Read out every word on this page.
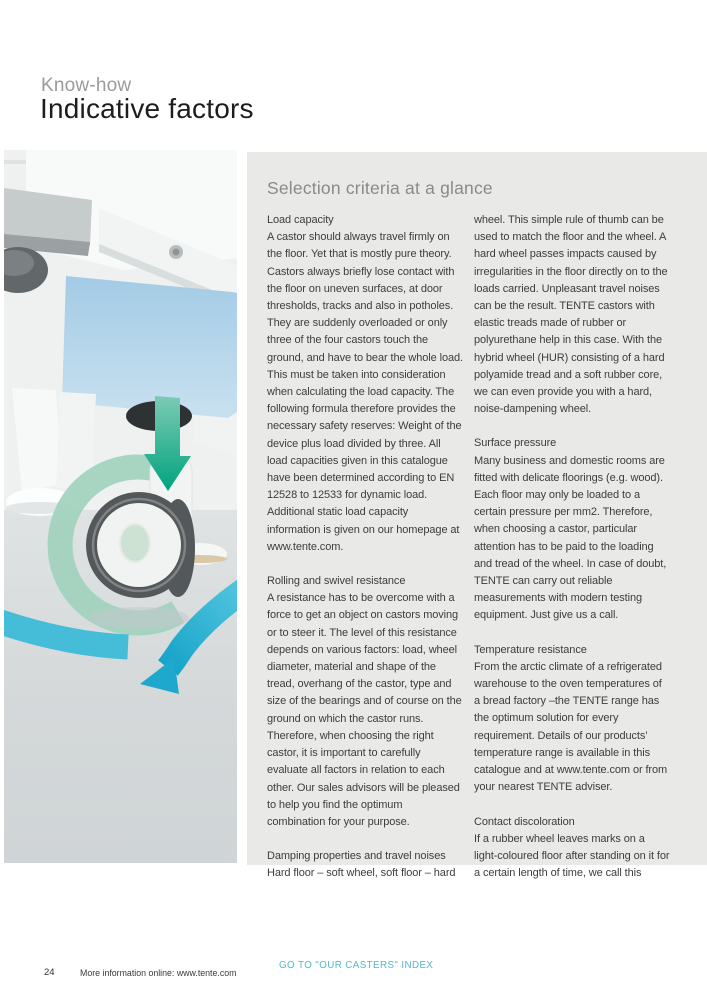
Know-how
Indicative factors
Selection criteria at a glance
Load capacity
A castor should always travel firmly on the floor. Yet that is mostly pure theory. Castors always briefly lose contact with the floor on uneven surfaces, at door thresholds, tracks and also in potholes. They are suddenly overloaded or only three of the four castors touch the ground, and have to bear the whole load. This must be taken into consideration when calculating the load capacity. The following formula therefore provides the necessary safety reserves: Weight of the device plus load divided by three. All load capacities given in this catalogue have been determined according to EN 12528 to 12533 for dynamic load. Additional static load capacity information is given on our homepage at www.tente.com.
Rolling and swivel resistance
A resistance has to be overcome with a force to get an object on castors moving or to steer it. The level of this resistance depends on various factors: load, wheel diameter, material and shape of the tread, overhang of the castor, type and size of the bearings and of course on the ground on which the castor runs. Therefore, when choosing the right castor, it is important to carefully evaluate all factors in relation to each other. Our sales advisors will be pleased to help you find the optimum combination for your purpose.
Damping properties and travel noises
Hard floor – soft wheel, soft floor – hard
wheel. This simple rule of thumb can be used to match the floor and the wheel. A hard wheel passes impacts caused by irregularities in the floor directly on to the loads carried. Unpleasant travel noises can be the result. TENTE castors with elastic treads made of rubber or polyurethane help in this case. With the hybrid wheel (HUR) consisting of a hard polyamide tread and a soft rubber core, we can even provide you with a hard, noise-dampening wheel.
Surface pressure
Many business and domestic rooms are fitted with delicate floorings (e.g. wood). Each floor may only be loaded to a certain pressure per mm2. Therefore, when choosing a castor, particular attention has to be paid to the loading and tread of the wheel. In case of doubt, TENTE can carry out reliable measurements with modern testing equipment. Just give us a call.
Temperature resistance
From the arctic climate of a refrigerated warehouse to the oven temperatures of a bread factory –the TENTE range has the optimum solution for every requirement. Details of our products’ temperature range is available in this catalogue and at www.tente.com or from your nearest TENTE adviser.
Contact discoloration
If a rubber wheel leaves marks on a light-coloured floor after standing on it for a certain length of time, we call this
24	More information online: www.tente.com
GO TO "OUR CASTERS" INDEX
